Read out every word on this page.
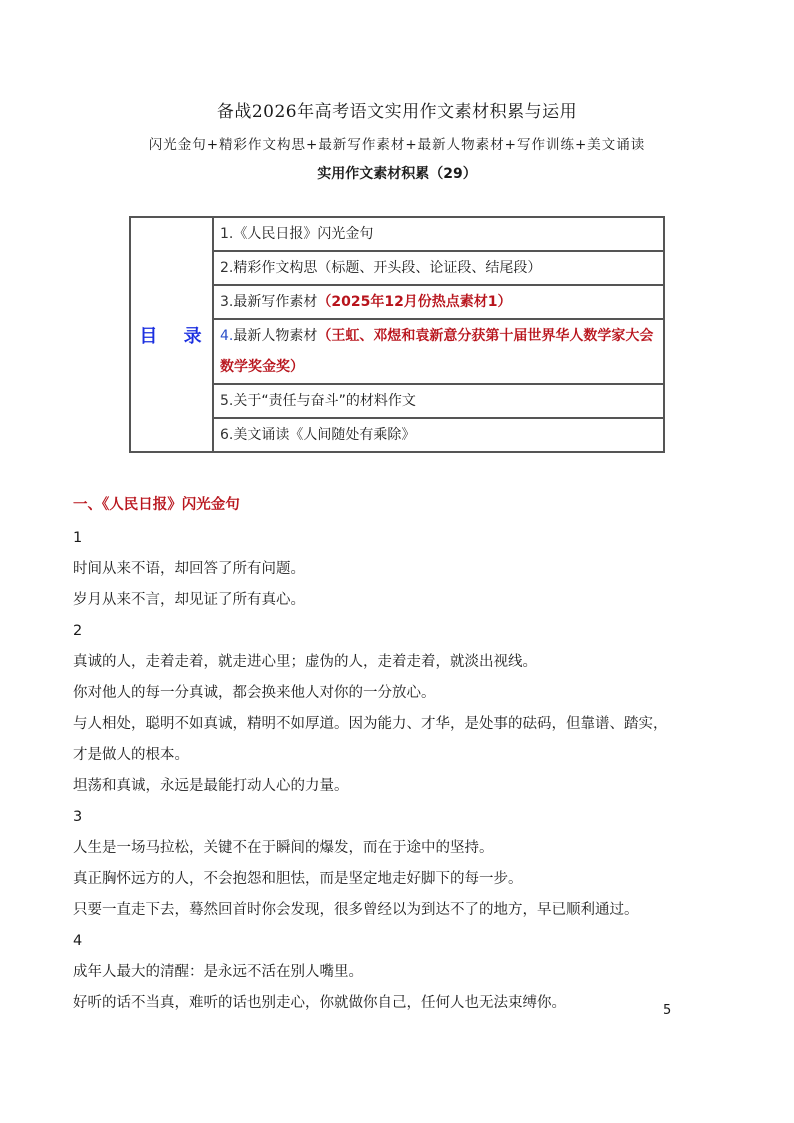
备战2026年高考语文实用作文素材积累与运用
闪光金句+精彩作文构思+最新写作素材+最新人物素材+写作训练+美文诵读
实用作文素材积累（29）
目 录
1. 《人民日报》闪光金句
2. 精彩作文构思（标题、开头段、论证段、结尾段）
3. 最新写作素材 （2025年12月份热点素材1）
4.最新人物素材（王虹、邓煜和袁新意分获第十届世界华人数学家大会数学奖金奖）
5. 关于“责任与奋斗”的材料作文
6. 美文诵读《人间随处有乘除》
一、《人民日报》闪光金句
1
时间从来不语，却回答了所有问题。
岁月从来不言，却见证了所有真心。
2
真诚的人，走着走着，就走进心里；虚伪的人，走着走着，就淡出视线。
你对他人的每一分真诚，都会换来他人对你的一分放心。
与人相处，聪明不如真诚，精明不如厚道。因为能力、才华，是处事的砝码，但靠谱、踏实，
才是做人的根本。
坦荡和真诚，永远是最能打动人心的力量。
3
人生是一场马拉松，关键不在于瞬间的爆发，而在于途中的坚持。
真正胸怀远方的人，不会抱怨和胆怯，而是坚定地走好脚下的每一步。
只要一直走下去，蓦然回首时你会发现，很多曾经以为到达不了的地方，早已顺利通过。
4
成年人最大的清醒：是永远不活在别人嘴里。
好听的话不当真，难听的话也别走心，你就做你自己，任何人也无法束缚你。	5
